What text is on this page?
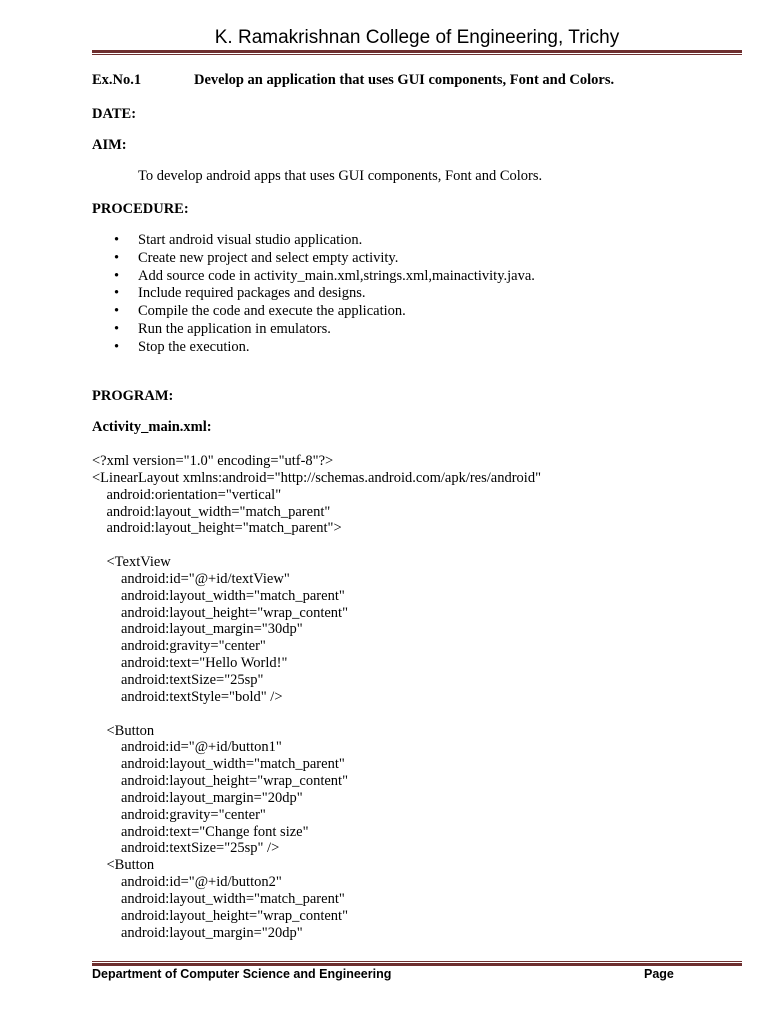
K. Ramakrishnan College of Engineering, Trichy
Ex.No.1	Develop an application that uses GUI components, Font and Colors.
DATE:
AIM:
To develop android apps that uses GUI components, Font and Colors.
PROCEDURE:
• Start android visual studio application.
• Create new project and select empty activity.
• Add source code in activity_main.xml,strings.xml,mainactivity.java.
• Include required packages and designs.
• Compile the code and execute the application.
• Run the application in emulators.
• Stop the execution.
PROGRAM:
Activity_main.xml:
<?xml version="1.0" encoding="utf-8"?>
<LinearLayout xmlns:android="http://schemas.android.com/apk/res/android"
android:orientation="vertical"
android:layout_width="match_parent"
android:layout_height="match_parent">
<TextView
android:id="@+id/textView"
android:layout_width="match_parent"
android:layout_height="wrap_content"
android:layout_margin="30dp"
android:gravity="center"
android:text="Hello World!"
android:textSize="25sp"
android:textStyle="bold" />
<Button
android:id="@+id/button1"
android:layout_width="match_parent"
android:layout_height="wrap_content"
android:layout_margin="20dp"
android:gravity="center"
android:text="Change font size"
android:textSize="25sp" />
<Button
android:id="@+id/button2"
android:layout_width="match_parent"
android:layout_height="wrap_content"
android:layout_margin="20dp"
Department of Computer Science and Engineering	Page
